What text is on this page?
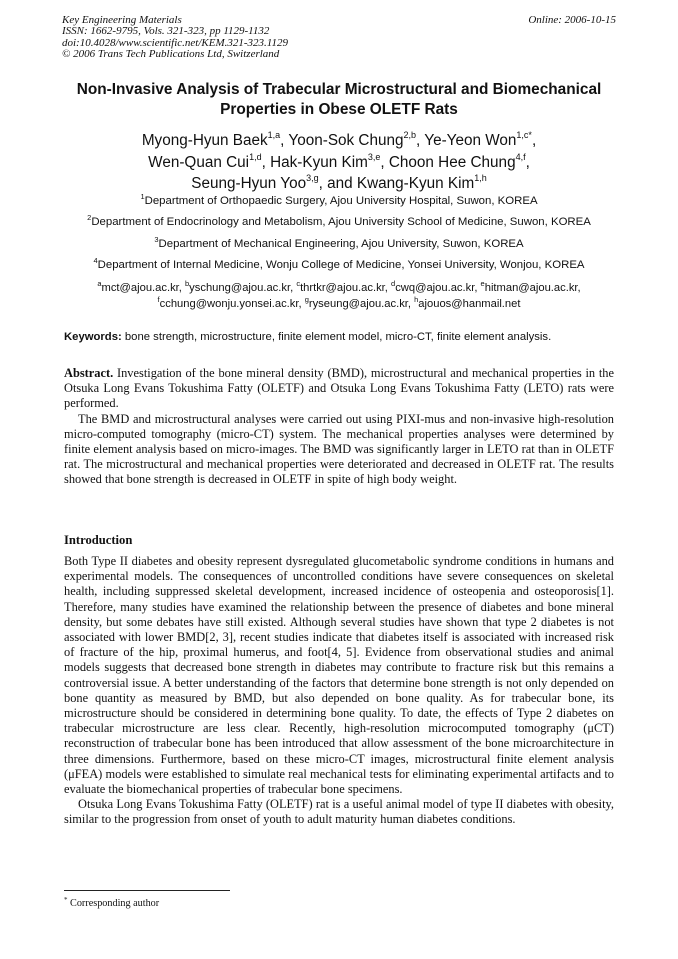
Key Engineering Materials
ISSN: 1662-9795, Vols. 321-323, pp 1129-1132
doi:10.4028/www.scientific.net/KEM.321-323.1129
© 2006 Trans Tech Publications Ltd, Switzerland
Online: 2006-10-15
Non-Invasive Analysis of Trabecular Microstructural and Biomechanical
Properties in Obese OLETF Rats
Myong-Hyun Baek$^{1,a}$, Yoon-Sok Chung$^{2,b}$, Ye-Yeon Won$^{1,c*}$,
Wen-Quan Cui$^{1,d}$, Hak-Kyun Kim$^{3,e}$, Choon Hee Chung$^{4,f}$,
Seung-Hyun Yoo$^{3,g}$, and Kwang-Kyun Kim$^{1,h}$
$^1$Department of Orthopaedic Surgery, Ajou University Hospital, Suwon, KOREA
$^2$Department of Endocrinology and Metabolism, Ajou University School of Medicine, Suwon, KOREA
$^3$Department of Mechanical Engineering, Ajou University, Suwon, KOREA
$^4$Department of Internal Medicine, Wonju College of Medicine, Yonsei University, Wonjou, KOREA
$^a$mct@ajou.ac.kr, $^b$yschung@ajou.ac.kr, $^c$thrtkr@ajou.ac.kr, $^d$cwq@ajou.ac.kr, $^e$hitman@ajou.ac.kr,
$^f$cchung@wonju.yonsei.ac.kr, $^g$ryseung@ajou.ac.kr, $^h$ajouos@hanmail.net
Keywords: bone strength, microstructure, finite element model, micro-CT, finite element analysis.

Abstract. Investigation of the bone mineral density (BMD), microstructural and mechanical properties in the Otsuka Long Evans Tokushima Fatty (OLETF) and Otsuka Long Evans Tokushima Fatty (LETO) rats were performed.

The BMD and microstructural analyses were carried out using PIXI-mus and non-invasive high-resolution micro-computed tomography (micro-CT) system. The mechanical properties analyses were determined by finite element analysis based on micro-images. The BMD was significantly larger in LETO rat than in OLETF rat. The microstructural and mechanical properties were deteriorated and decreased in OLETF rat. The results showed that bone strength is decreased in OLETF in spite of high body weight.

Introduction

Both Type II diabetes and obesity represent dysregulated glucometabolic syndrome conditions in humans and experimental models. The consequences of uncontrolled conditions have severe consequences on skeletal health, including suppressed skeletal development, increased incidence of osteopenia and osteoporosis[1]. Therefore, many studies have examined the relationship between the presence of diabetes and bone mineral density, but some debates have still existed. Although several studies have shown that type 2 diabetes is not associated with lower BMD[2, 3], recent studies indicate that diabetes itself is associated with increased risk of fracture of the hip, proximal humerus, and foot[4, 5]. Evidence from observational studies and animal models suggests that decreased bone strength in diabetes may contribute to fracture risk but this remains a controversial issue. A better understanding of the factors that determine bone strength is not only depended on bone quantity as measured by BMD, but also depended on bone quality. As for trabecular bone, its microstructure should be considered in determining bone quality. To date, the effects of Type 2 diabetes on trabecular microstructure are less clear. Recently, high-resolution microcomputed tomography (μCT) reconstruction of trabecular bone has been introduced that allow assessment of the bone microarchitecture in three dimensions. Furthermore, based on these micro-CT images, microstructural finite element analysis (μFEA) models were established to simulate real mechanical tests for eliminating experimental artifacts and to evaluate the biomechanical properties of trabecular bone specimens.

Otsuka Long Evans Tokushima Fatty (OLETF) rat is a useful animal model of type II diabetes with obesity, similar to the progression from onset of youth to adult maturity human diabetes conditions.

* Corresponding author
